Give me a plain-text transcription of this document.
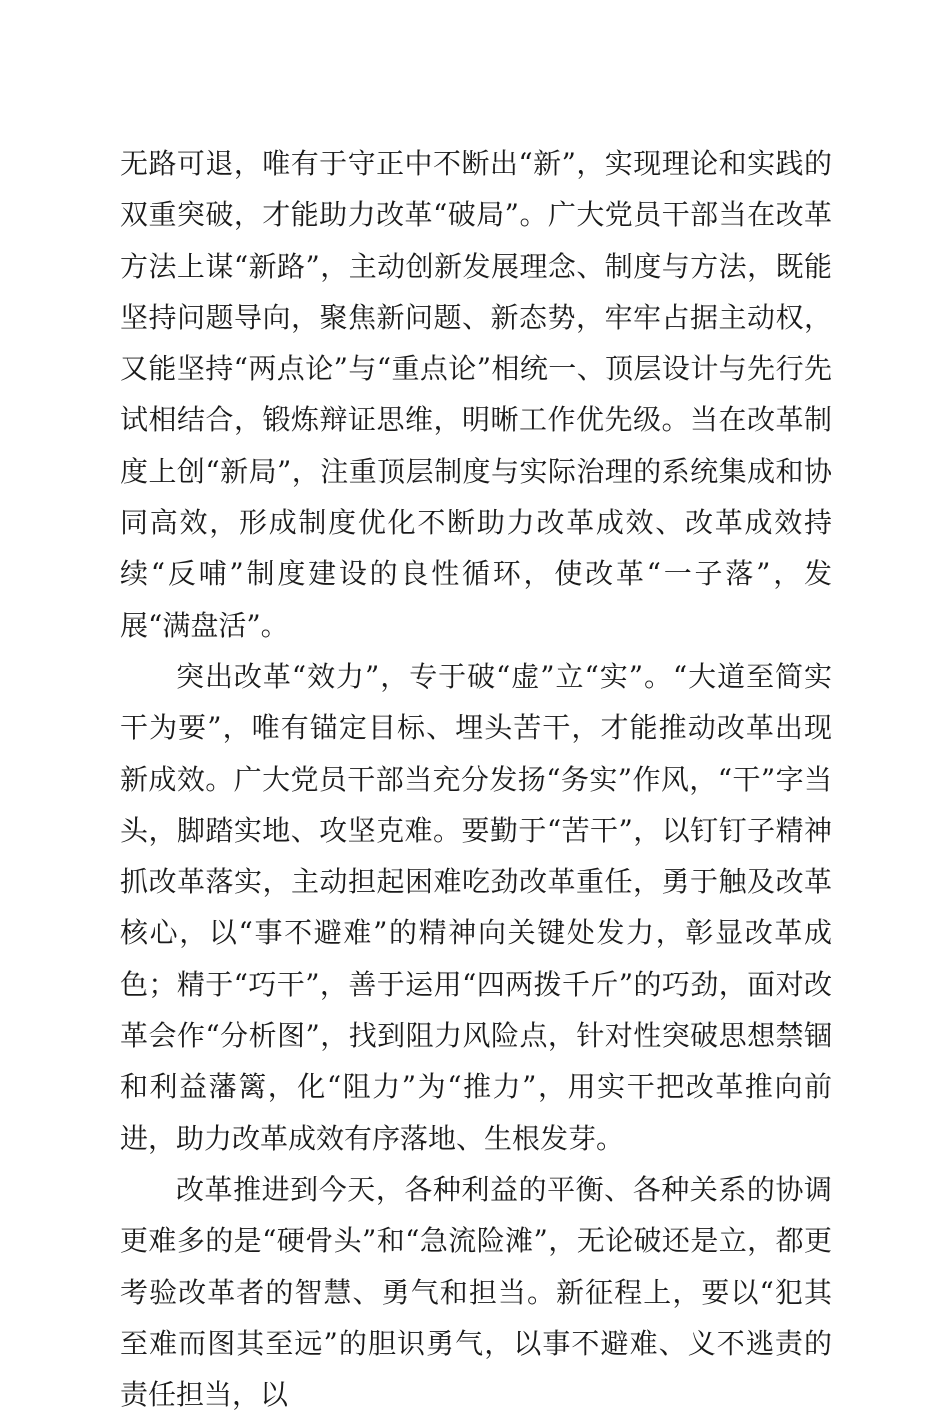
无路可退，唯有于守正中不断出“新”，实现理论和实践的双重突破，才能助力改革“破局”。广大党员干部当在改革方法上谋“新路”，主动创新发展理念、制度与方法，既能坚持问题导向，聚焦新问题、新态势，牢牢占据主动权，又能坚持“两点论”与“重点论”相统一、顶层设计与先行先试相结合，锻炼辩证思维，明晰工作优先级。当在改革制度上创“新局”，注重顶层制度与实际治理的系统集成和协同高效，形成制度优化不断助力改革成效、改革成效持续“反哺”制度建设的良性循环，使改革“一子落”，发展“满盘活”。

突出改革“效力”，专于破“虚”立“实”。“大道至简实干为要”，唯有锚定目标、埋头苦干，才能推动改革出现新成效。广大党员干部当充分发扬“务实”作风，“干”字当头，脚踏实地、攻坚克难。要勤于“苦干”，以钉钉子精神抓改革落实，主动担起困难吃劲改革重任，勇于触及改革核心，以“事不避难”的精神向关键处发力，彰显改革成色；精于“巧干”，善于运用“四两拨千斤”的巧劲，面对改革会作“分析图”，找到阻力风险点，针对性突破思想禁锢和利益藩篱，化“阻力”为“推力”，用实干把改革推向前进，助力改革成效有序落地、生根发芽。

改革推进到今天，各种利益的平衡、各种关系的协调更难多的是“硬骨头”和“急流险滩”，无论破还是立，都更考验改革者的智慧、勇气和担当。新征程上，要以“犯其至难而图其至远”的胆识勇气，以事不避难、义不逃责的责任担当，以
